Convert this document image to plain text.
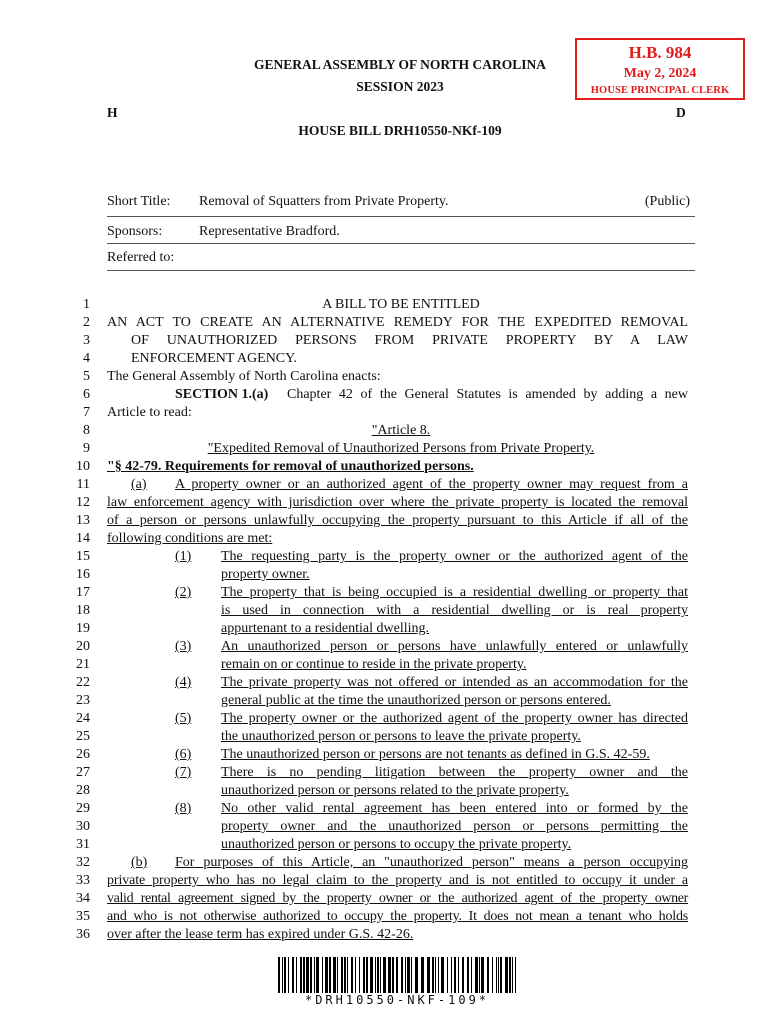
GENERAL ASSEMBLY OF NORTH CAROLINA
SESSION 2023
H	D
HOUSE BILL DRH10550-NKf-109
H.B. 984
May 2, 2024
HOUSE PRINCIPAL CLERK
Short Title: Removal of Squatters from Private Property.	(Public)
Sponsors:	Representative Bradford.
Referred to:
1
2
3
4
5
6
7
8
9
10
11
12
13
14
15
16
17
18
19
20
21
22
23
24
25
26
27
28
29
30
31
32
33
34
35
36
A BILL TO BE ENTITLED
AN ACT TO CREATE AN ALTERNATIVE REMEDY FOR THE EXPEDITED REMOVAL
OF UNAUTHORIZED PERSONS FROM PRIVATE PROPERTY BY A LAW
ENFORCEMENT AGENCY.
The General Assembly of North Carolina enacts:
SECTION 1.(a) Chapter 42 of the General Statutes is amended by adding a new
Article to read:
"Article 8.
"Expedited Removal of Unauthorized Persons from Private Property.
"§ 42-79. Requirements for removal of unauthorized persons.
(a) A property owner or an authorized agent of the property owner may request from a
law enforcement agency with jurisdiction over where the private property is located the removal
of a person or persons unlawfully occupying the property pursuant to this Article if all of the
following conditions are met:
(1) The requesting party is the property owner or the authorized agent of the
property owner.
(2) The property that is being occupied is a residential dwelling or property that
is used in connection with a residential dwelling or is real property
appurtenant to a residential dwelling.
(3) An unauthorized person or persons have unlawfully entered or unlawfully
remain on or continue to reside in the private property.
(4) The private property was not offered or intended as an accommodation for the
general public at the time the unauthorized person or persons entered.
(5) The property owner or the authorized agent of the property owner has directed
the unauthorized person or persons to leave the private property.
(6) The unauthorized person or persons are not tenants as defined in G.S. 42-59.
(7) There is no pending litigation between the property owner and the
unauthorized person or persons related to the private property.
(8) No other valid rental agreement has been entered into or formed by the
property owner and the unauthorized person or persons permitting the
unauthorized person or persons to occupy the private property.
(b) For purposes of this Article, an "unauthorized person" means a person occupying
private property who has no legal claim to the property and is not entitled to occupy it under a
valid rental agreement signed by the property owner or the authorized agent of the property owner
and who is not otherwise authorized to occupy the property. It does not mean a tenant who holds
over after the lease term has expired under G.S. 42-26.
*DRH10550-NKF-109*
